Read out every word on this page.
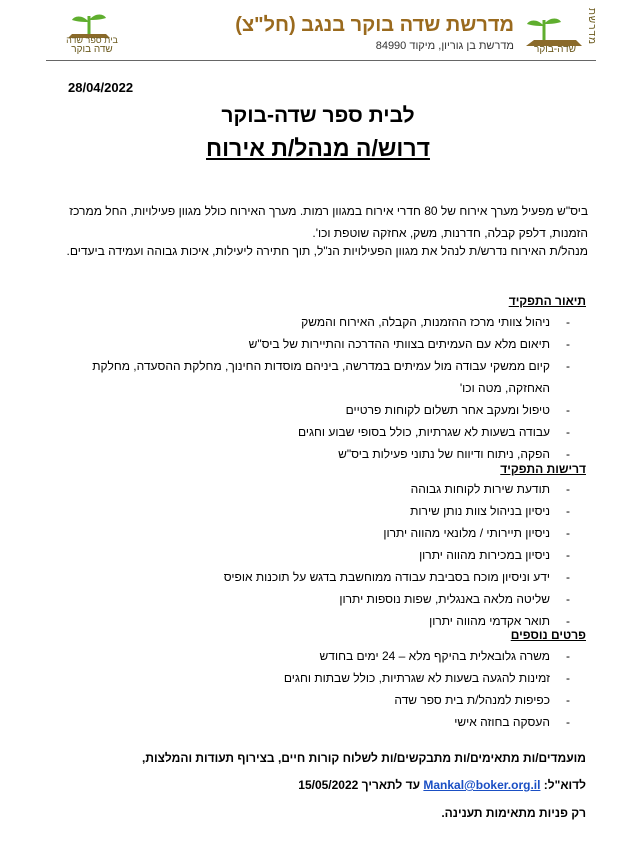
בית ספר שדה
שדה בוקר
מדרשת שדה בוקר בנגב (חל"צ)
מדרשת בן גוריון, מיקוד 84990
מדרשת
שדה-בוקר
28/04/2022
לבית ספר שדה-בוקר
דרוש/ה מנהל/ת אירוח
ביס"ש מפעיל מערך אירוח של 80 חדרי אירוח במגוון רמות. מערך האירוח כולל מגוון פעילויות, החל ממרכז הזמנות, דלפק קבלה, חדרנות, משק, אחזקה שוטפת וכו'.
מנהל/ת האירוח נדרש/ת לנהל את מגוון הפעילויות הנ"ל, תוך חתירה ליעילות, איכות גבוהה ועמידה ביעדים.
תיאור התפקיד
-
ניהול צוותי מרכז ההזמנות, הקבלה, האירוח והמשק
-
תיאום מלא עם העמיתים בצוותי ההדרכה והתיירות של ביס"ש
-
קיום ממשקי עבודה מול עמיתים במדרשה, ביניהם מוסדות החינוך, מחלקת ההסעדה, מחלקת האחזקה, מטה וכו'
-
טיפול ומעקב אחר תשלום לקוחות פרטיים
-
עבודה בשעות לא שגרתיות, כולל בסופי שבוע וחגים
-
הפקה, ניתוח ודיווח של נתוני פעילות ביס"ש
דרישות התפקיד
-
תודעת שירות לקוחות גבוהה
-
ניסיון בניהול צוות נותן שירות
-
ניסיון תיירותי / מלונאי מהווה יתרון
-
ניסיון במכירות מהווה יתרון
-
ידע וניסיון מוכח בסביבת עבודה ממוחשבת בדגש על תוכנות אופיס
-
שליטה מלאה באנגלית, שפות נוספות יתרון
-
תואר אקדמי מהווה יתרון
פרטים נוספים
-
משרה גלובאלית בהיקף מלא – 24 ימים בחודש
-
זמינות להגעה בשעות לא שגרתיות, כולל שבתות וחגים
-
כפיפות למנהל/ת בית ספר שדה
-
העסקה בחוזה אישי
מועמדים/ות מתאימים/ות מתבקשים/ות לשלוח קורות חיים, בצירוף תעודות והמלצות,
לדוא"ל: Mankal@boker.org.il עד לתאריך 15/05/2022
רק פניות מתאימות תענינה.
